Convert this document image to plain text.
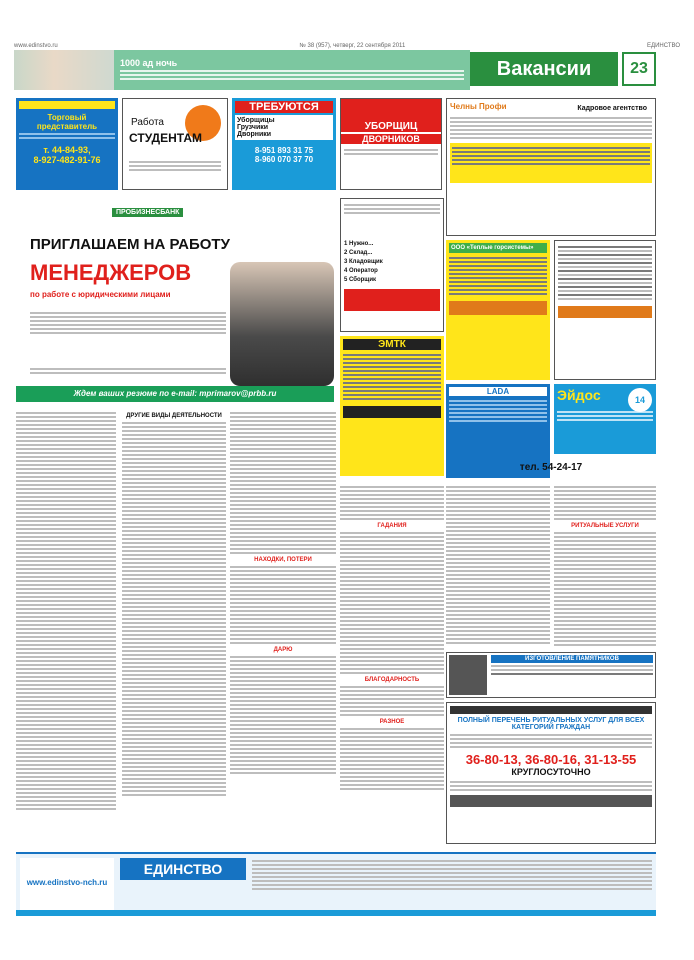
www.edinstvo.ru	№ 38 (957), четверг, 22 сентября 2011	ЕДИНСТВО
1000 ад ночь	Вакансии	23

Торговый представитель
т. 44-84-93,
8-927-482-91-76
Работа
СТУДЕНТАМ
ТРЕБУЮТСЯ
Уборщицы
Грузчики
Дворники
8-951 893 31 75
8-960 070 37 70
УБОРЩИЦ
ДВОРНИКОВ
Челны Профи	Кадровое агентство
ПРОБИЗНЕСБАНК
ПРИГЛАШАЕМ НА РАБОТУ
МЕНЕДЖЕРОВ
по работе с юридическими лицами
Ждем ваших резюме по e-mail: mprimarov@prbb.ru
1 Нужно...
2 Склад...
3 Кладовщик
4 Оператор
5 Сборщик
ЭМТК
ООО «Теплые горсистемы»
LADA	Эйдос	14
тел. 54-24-17
ДРУГИЕ ВИДЫ ДЕЯТЕЛЬНОСТИ
НАХОДКИ, ПОТЕРИ
ДАРЮ
ГАДАНИЯ
БЛАГОДАРНОСТЬ
РАЗНОЕ
РИТУАЛЬНЫЕ УСЛУГИ
ИЗГОТОВЛЕНИЕ ПАМЯТНИКОВ
ПОЛНЫЙ ПЕРЕЧЕНЬ РИТУАЛЬНЫХ УСЛУГ ДЛЯ ВСЕХ КАТЕГОРИЙ ГРАЖДАН
36-80-13, 36-80-16, 31-13-55
КРУГЛОСУТОЧНО
www.edinstvo-nch.ru
ЕДИНСТВО
